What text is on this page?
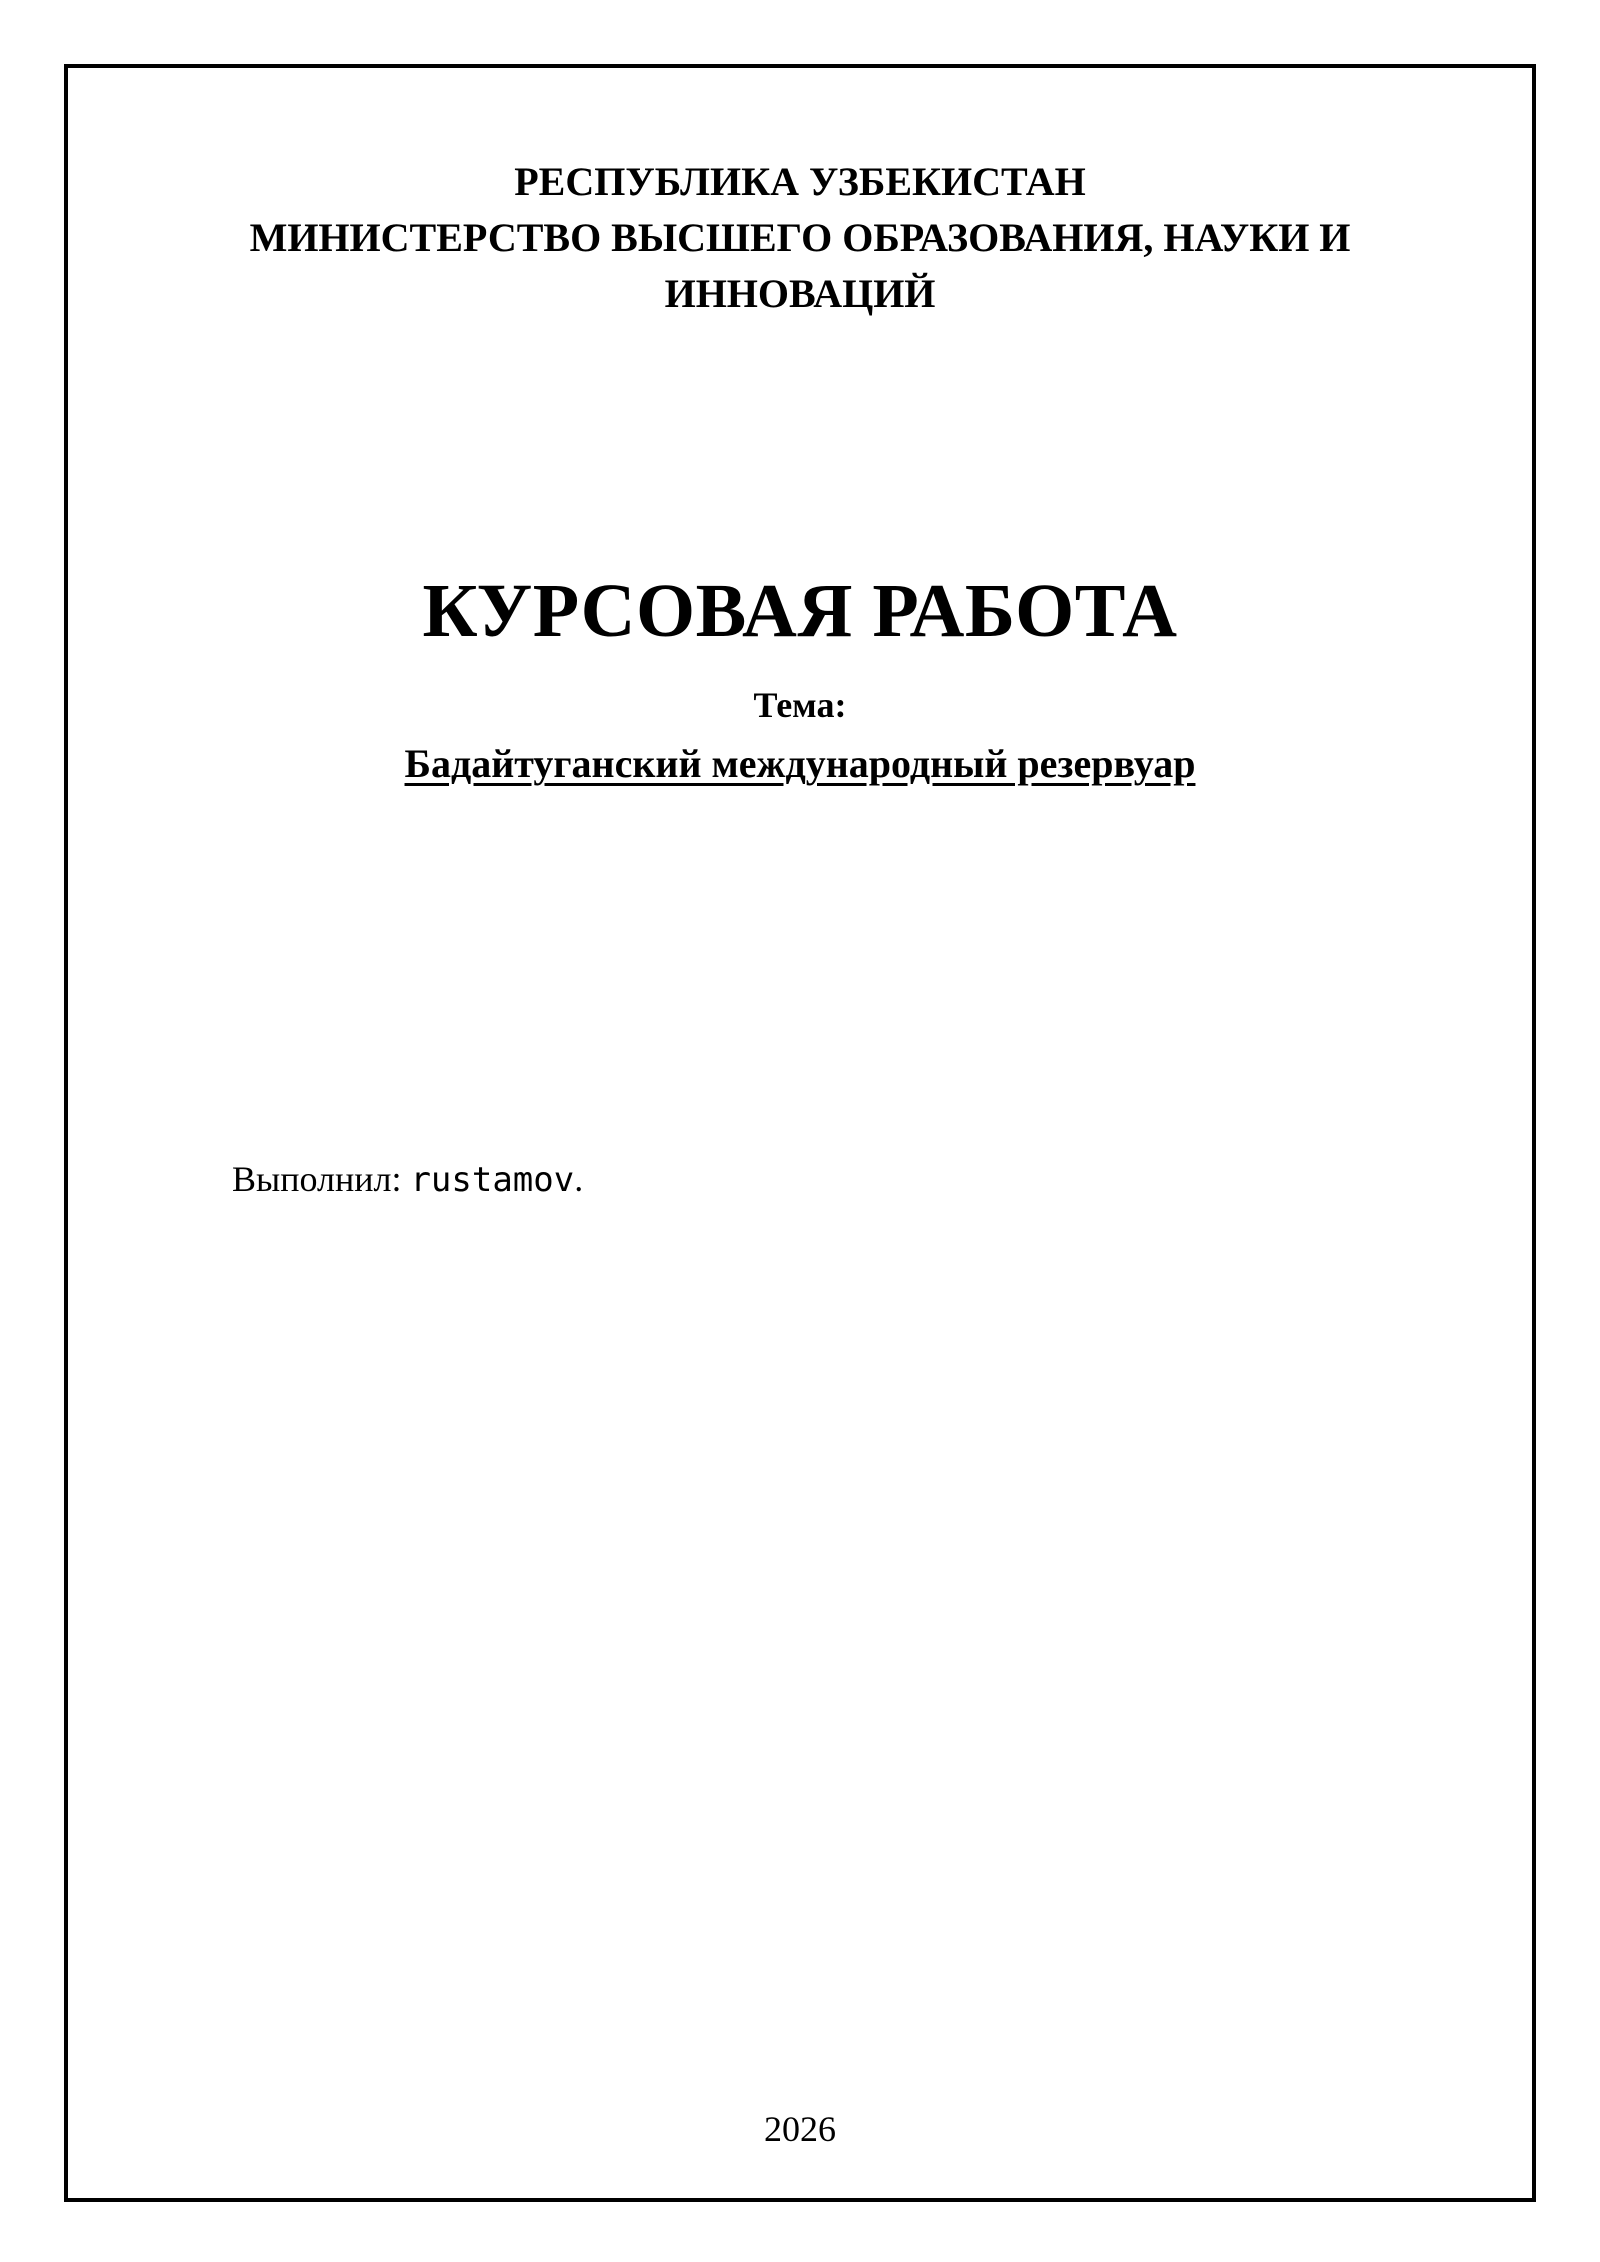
РЕСПУБЛИКА УЗБЕКИСТАН
МИНИСТЕРСТВО ВЫСШЕГО ОБРАЗОВАНИЯ, НАУКИ И
ИННОВАЦИЙ
КУРСОВАЯ РАБОТА
Тема:
Бадайтуганский международный резервуар
Выполнил: rustamov.
2026
